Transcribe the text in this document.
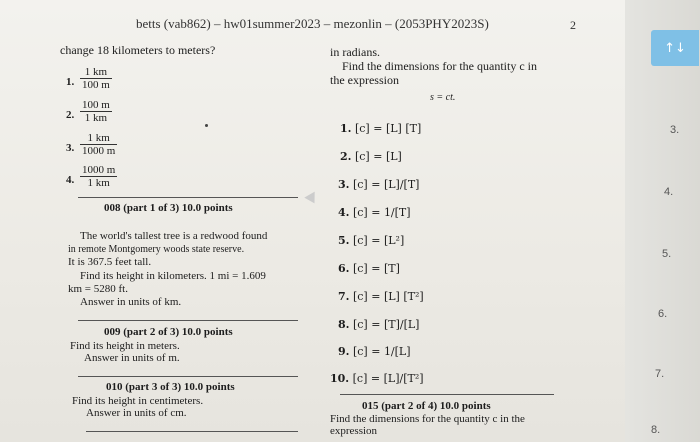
betts (vab862) – hw01summer2023 – mezonlin – (2053PHY2023S)	2
change 18 kilometers to meters?
1. $\frac{1 km}{100 m}$
2. $\frac{100 m}{1 km}$
3. $\frac{1 km}{1000 m}$
4. $\frac{1000 m}{1 km}$
008 (part 1 of 3) 10.0 points
The world's tallest tree is a redwood found
in remote Montgomery woods state reserve.
It is 367.5 feet tall.
Find its height in kilometers. 1 mi = 1.609
km = 5280 ft.
Answer in units of km.
009 (part 2 of 3) 10.0 points
Find its height in meters.
Answer in units of m.
010 (part 3 of 3) 10.0 points
Find its height in centimeters.
Answer in units of cm.
in radians.
Find the dimensions for the quantity c in
the expression
s = ct.
1. [c] = [L] [T]
2. [c] = [L]
3. [c] = [L]/[T]
4. [c] = 1/[T]
5. [c] = [L²]
6. [c] = [T]
7. [c] = [L] [T²]
8. [c] = [T]/[L]
9. [c] = 1/[L]
10. [c] = [L]/[T²]
015 (part 2 of 4) 10.0 points
Find the dimensions for the quantity c in the
expression
↑↓
3.
4.
5.
6.
7.
8.
